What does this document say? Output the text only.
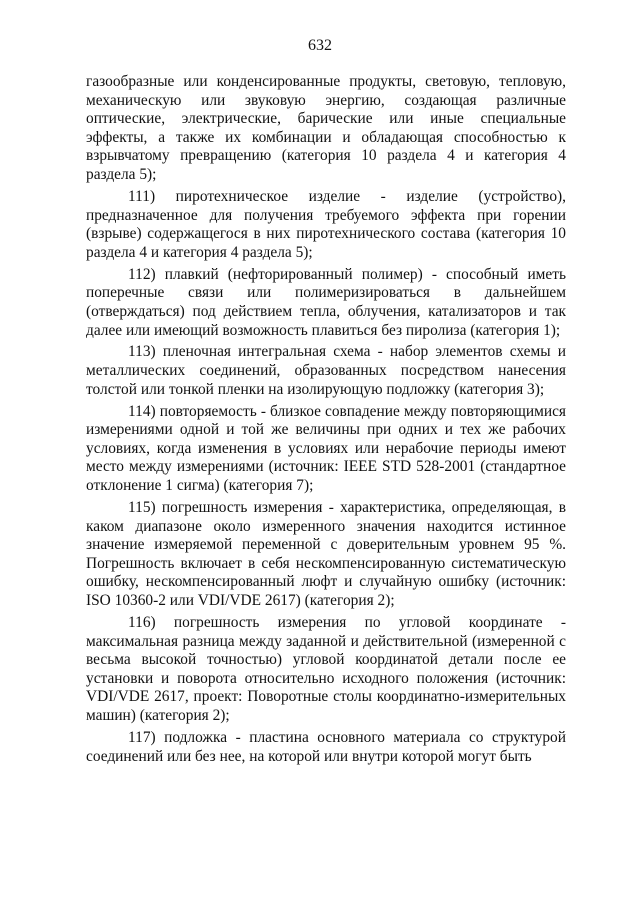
632

газообразные или конденсированные продукты, световую, тепловую, механическую или звуковую энергию, создающая различные оптические, электрические, барические или иные специальные эффекты, а также их комбинации и обладающая способностью к взрывчатому превращению (категория 10 раздела 4 и категория 4 раздела 5);

111) пиротехническое изделие - изделие (устройство), предназначенное для получения требуемого эффекта при горении (взрыве) содержащегося в них пиротехнического состава (категория 10 раздела 4 и категория 4 раздела 5);

112) плавкий (нефторированный полимер) - способный иметь поперечные связи или полимеризироваться в дальнейшем (отверждаться) под действием тепла, облучения, катализаторов и так далее или имеющий возможность плавиться без пиролиза (категория 1);

113) пленочная интегральная схема - набор элементов схемы и металлических соединений, образованных посредством нанесения толстой или тонкой пленки на изолирующую подложку (категория 3);

114) повторяемость - близкое совпадение между повторяющимися измерениями одной и той же величины при одних и тех же рабочих условиях, когда изменения в условиях или нерабочие периоды имеют место между измерениями (источник: IEEE STD 528-2001 (стандартное отклонение 1 сигма) (категория 7);

115) погрешность измерения - характеристика, определяющая, в каком диапазоне около измеренного значения находится истинное значение измеряемой переменной с доверительным уровнем 95 %. Погрешность включает в себя нескомпенсированную систематическую ошибку, нескомпенсированный люфт и случайную ошибку (источник: ISO 10360-2 или VDI/VDE 2617) (категория 2);

116) погрешность измерения по угловой координате - максимальная разница между заданной и действительной (измеренной с весьма высокой точностью) угловой координатой детали после ее установки и поворота относительно исходного положения (источник: VDI/VDE 2617, проект: Поворотные столы координатно-измерительных машин) (категория 2);

117) подложка - пластина основного материала со структурой соединений или без нее, на которой или внутри которой могут быть
